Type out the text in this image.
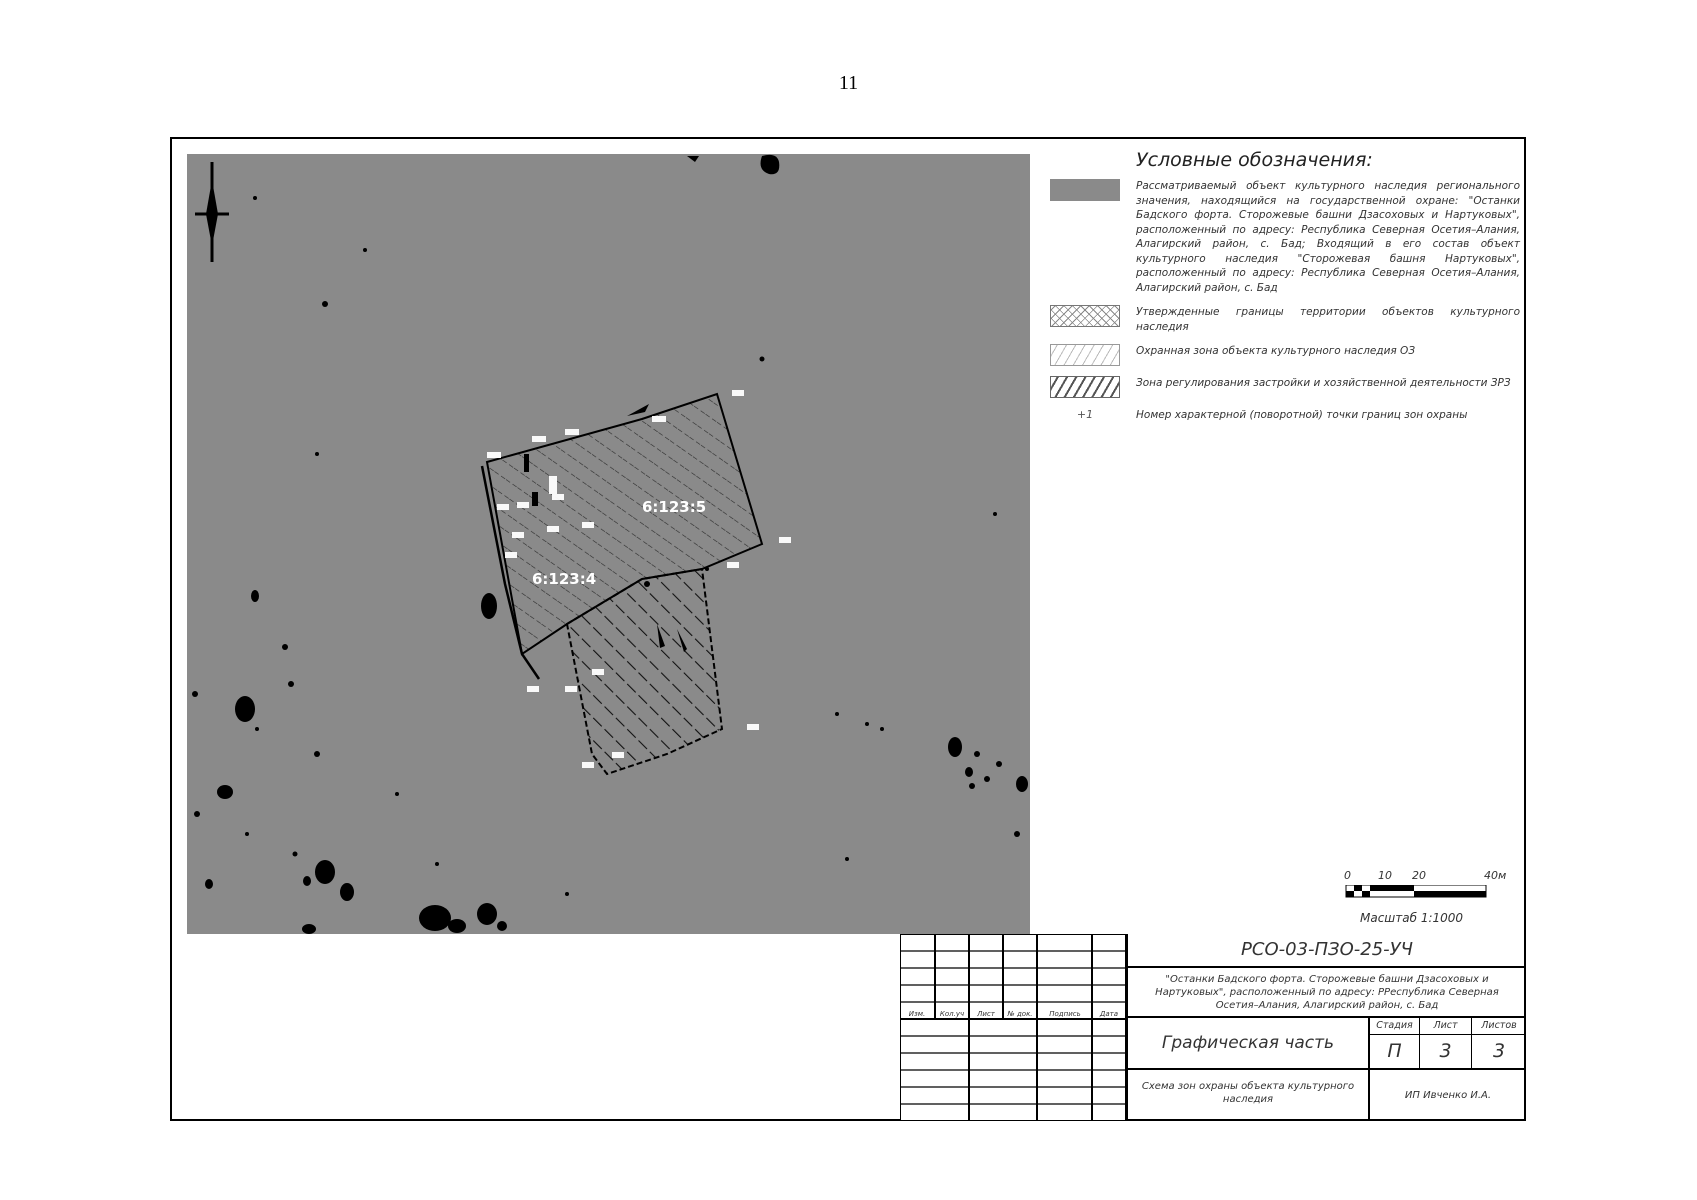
11
6:123:5
6:123:4
Условные обозначения:
Рассматриваемый объект культурного наследия регионального значения, находящийся на государственной охране: "Останки Бадского форта. Сторожевые башни Дзасоховых и Нартуковых", расположенный по адресу: Республика Северная Осетия–Алания, Алагирский район, с. Бад; Входящий в его состав объект культурного наследия "Сторожевая башня Нартуковых", расположенный по адресу: Республика Северная Осетия–Алания, Алагирский район, с. Бад
Утвержденные границы территории объектов культурного наследия
Охранная зона объекта культурного наследия ОЗ
Зона регулирования застройки и хозяйственной деятельности ЗРЗ
+1	Номер характерной (поворотной) точки границ зон охраны
0 10 20	40м
Масштаб 1:1000
Изм.	Кол.уч	Лист	№ док.	Подпись	Дата
РСО-03-ПЗО-25-УЧ
"Останки Бадского форта. Сторожевые башни Дзасоховых и Нартуковых", расположенный по адресу: РРеспублика Северная Осетия–Алания, Алагирский район, с. Бад
Графическая часть
Схема зон охраны объекта культурного наследия
Стадия	Лист	Листов
П	3	3
ИП Ивченко И.А.
